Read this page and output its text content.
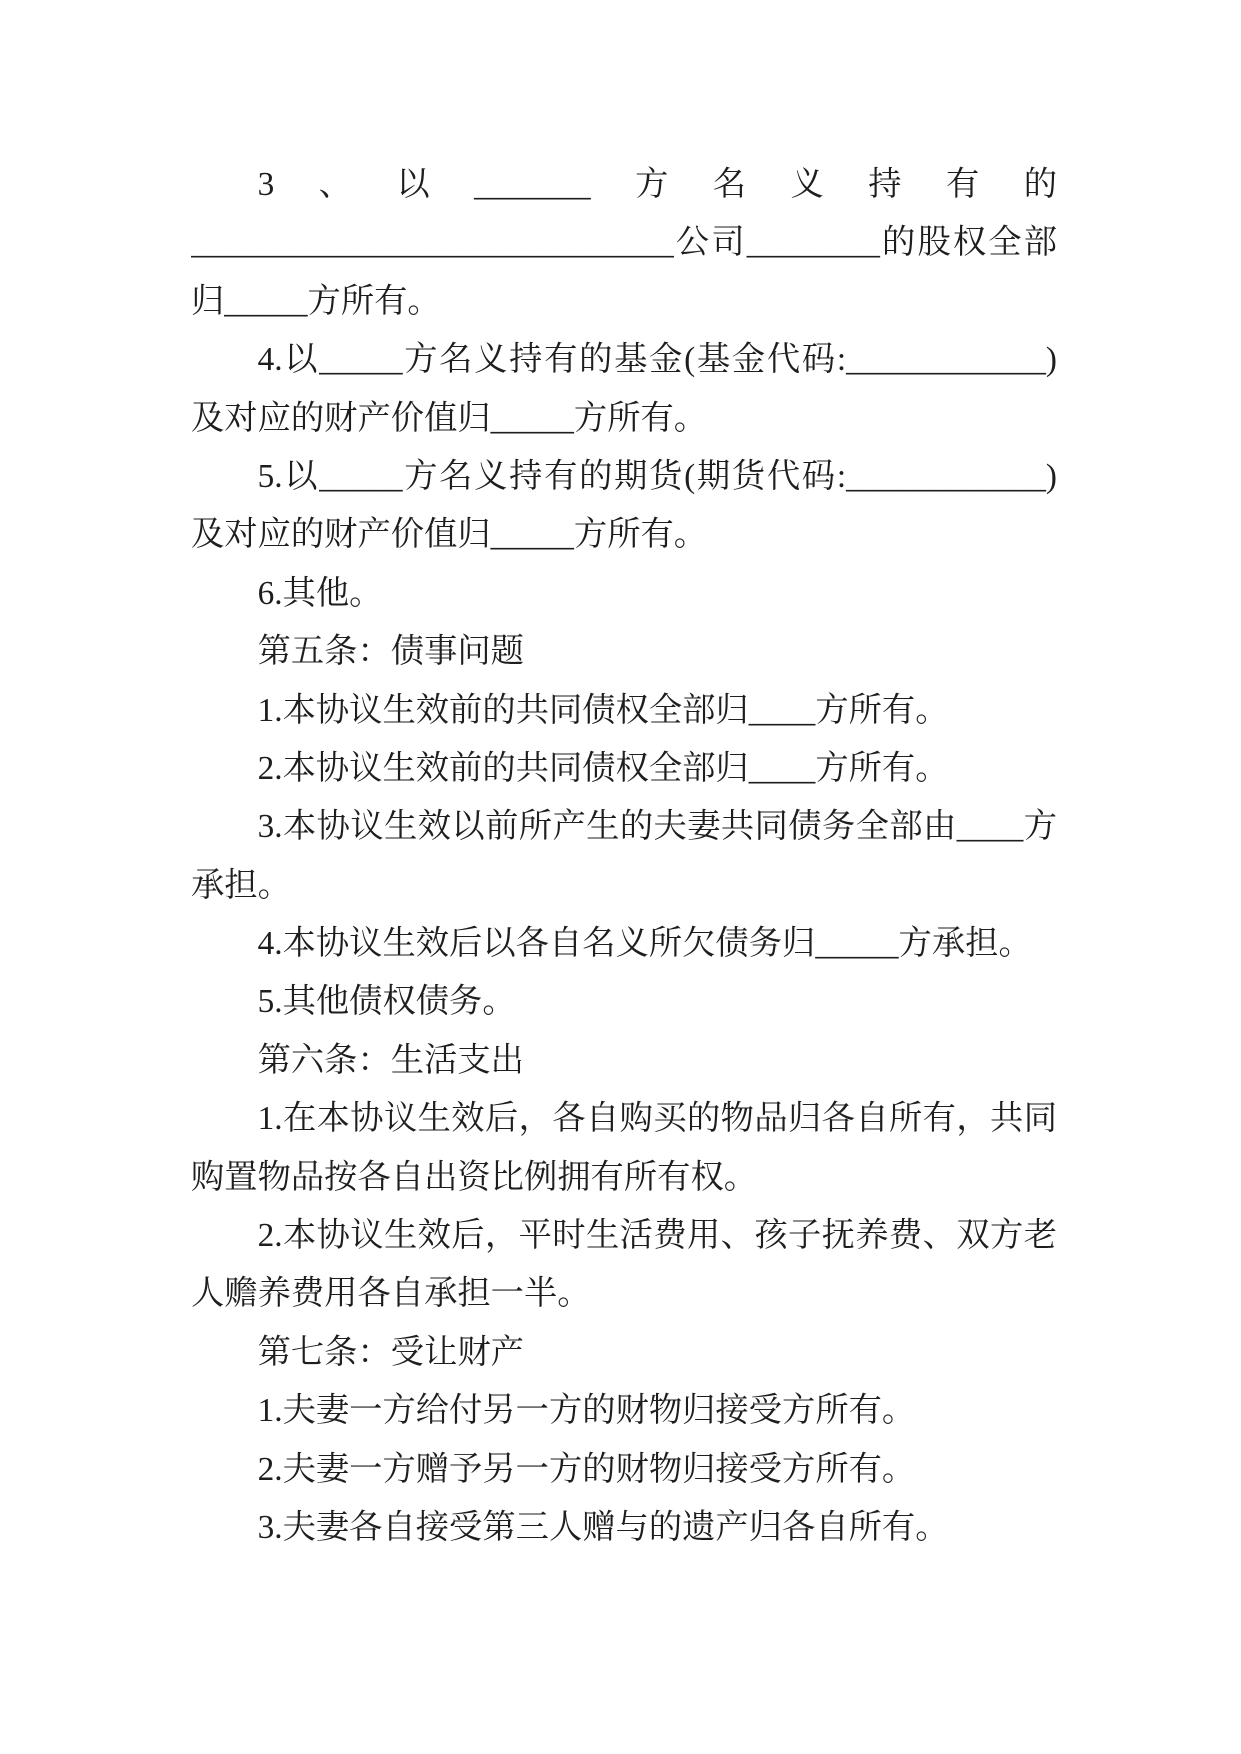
3、以_______方名义持有的
_____________________________公司________的股权全部
归_____方所有。
4.以_____方名义持有的基金(基金代码:____________)
及对应的财产价值归_____方所有。
5.以_____方名义持有的期货(期货代码:____________)
及对应的财产价值归_____方所有。
6.其他。
第五条：债事问题
1.本协议生效前的共同债权全部归____方所有。
2.本协议生效前的共同债权全部归____方所有。
3.本协议生效以前所产生的夫妻共同债务全部由____方
承担。
4.本协议生效后以各自名义所欠债务归_____方承担。
5.其他债权债务。
第六条：生活支出
1.在本协议生效后，各自购买的物品归各自所有，共同
购置物品按各自出资比例拥有所有权。
2.本协议生效后，平时生活费用、孩子抚养费、双方老
人赡养费用各自承担一半。
第七条：受让财产
1.夫妻一方给付另一方的财物归接受方所有。
2.夫妻一方赠予另一方的财物归接受方所有。
3.夫妻各自接受第三人赠与的遗产归各自所有。
